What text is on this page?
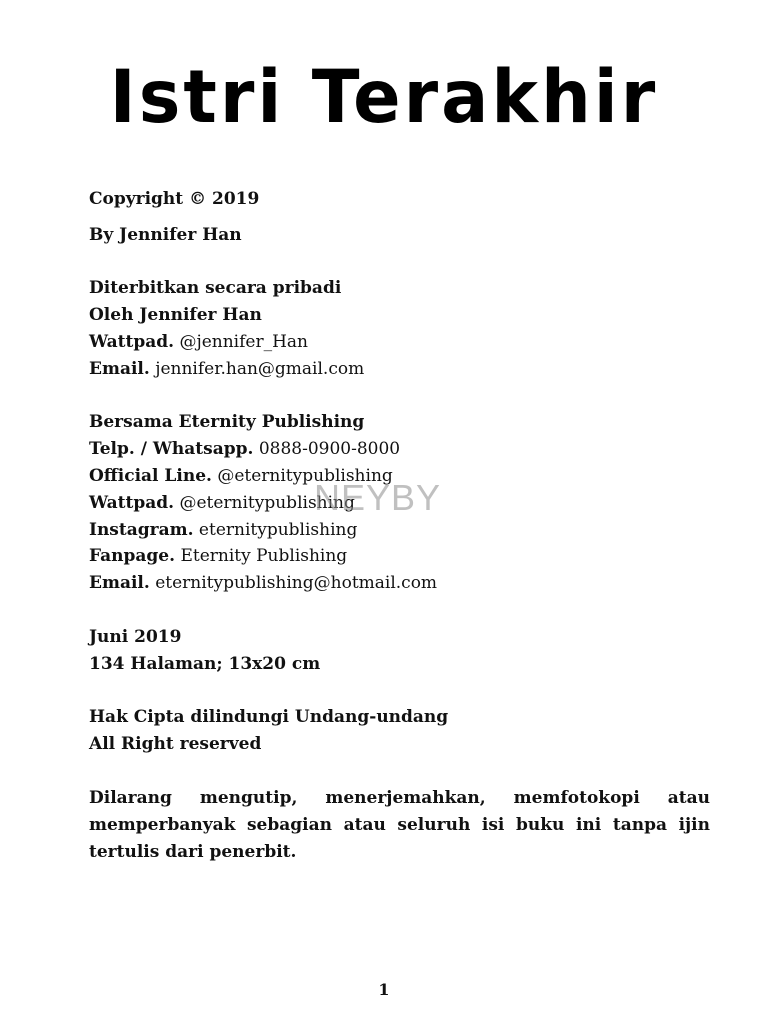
Istri Terakhir

Copyright © 2019

By Jennifer Han

Diterbitkan secara pribadi

Oleh Jennifer Han

Wattpad. @jennifer_Han

Email. jennifer.han@gmail.com

Bersama Eternity Publishing

Telp. / Whatsapp. 0888-0900-8000

Official Line. @eternitypublishing

Wattpad. @eternitypublishing

Instagram. eternitypublishing

Fanpage. Eternity Publishing

Email. eternitypublishing@hotmail.com

Juni 2019

134 Halaman; 13x20 cm

Hak Cipta dilindungi Undang-undang

All Right reserved

Dilarang mengutip, menerjemahkan, memfotokopi atau memperbanyak sebagian atau seluruh isi buku ini tanpa ijin tertulis dari penerbit.

NEYBY
1
